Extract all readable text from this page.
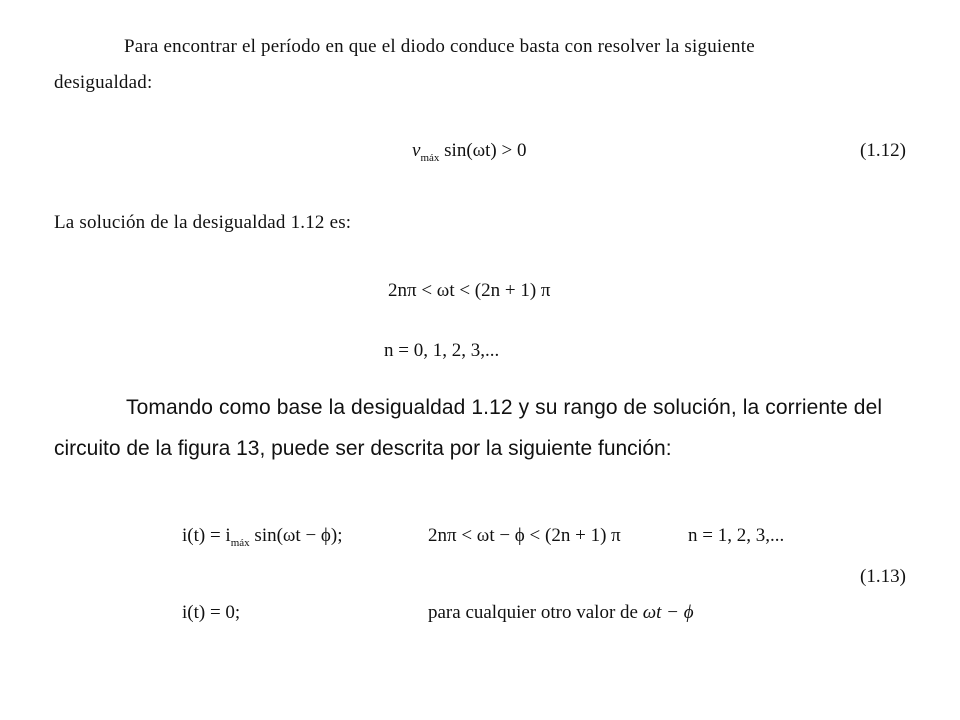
Para encontrar el período en que el diodo conduce basta con resolver la siguiente
desigualdad:
$v_{máx}$ sin(ωt) > 0	(1.12)
La solución de la desigualdad 1.12 es:
2nπ < ωt < (2n + 1) π
n = 0, 1, 2, 3,...
Tomando como base la desigualdad 1.12 y su rango de solución, la corriente del
circuito de la figura 13, puede ser descrita por la siguiente función:
$i(t) = i_{máx}$ sin(ωt − ϕ);	2nπ < ωt − ϕ < (2n + 1) π	n = 1, 2, 3,...
(1.13)
i(t) = 0;	para cualquier otro valor de ωt − ϕ
